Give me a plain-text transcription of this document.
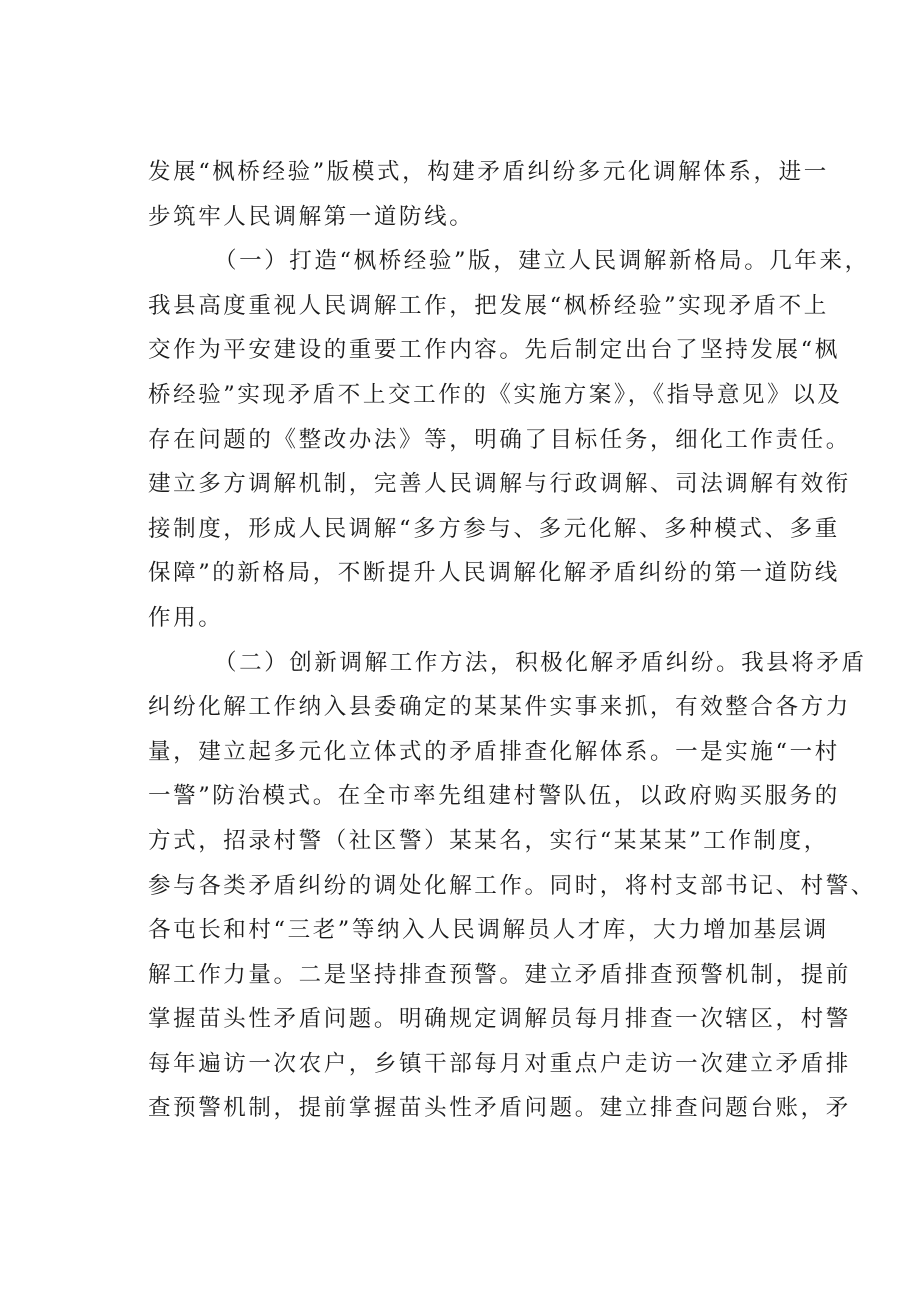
发展“枫桥经验”版模式，构建矛盾纠纷多元化调解体系，进一
步筑牢人民调解第一道防线。
（一）打造“枫桥经验”版，建立人民调解新格局。几年来，
我县高度重视人民调解工作，把发展“枫桥经验”实现矛盾不上
交作为平安建设的重要工作内容。先后制定出台了坚持发展“枫
桥经验”实现矛盾不上交工作的《实施方案》，《指导意见》以及
存在问题的《整改办法》等，明确了目标任务，细化工作责任。
建立多方调解机制，完善人民调解与行政调解、司法调解有效衔
接制度，形成人民调解“多方参与、多元化解、多种模式、多重
保障”的新格局，不断提升人民调解化解矛盾纠纷的第一道防线
作用。
（二）创新调解工作方法，积极化解矛盾纠纷。我县将矛盾
纠纷化解工作纳入县委确定的某某件实事来抓，有效整合各方力
量，建立起多元化立体式的矛盾排查化解体系。一是实施“一村
一警”防治模式。在全市率先组建村警队伍，以政府购买服务的
方式，招录村警（社区警）某某名，实行“某某某”工作制度，
参与各类矛盾纠纷的调处化解工作。同时，将村支部书记、村警、
各屯长和村“三老”等纳入人民调解员人才库，大力增加基层调
解工作力量。二是坚持排查预警。建立矛盾排查预警机制，提前
掌握苗头性矛盾问题。明确规定调解员每月排查一次辖区，村警
每年遍访一次农户，乡镇干部每月对重点户走访一次建立矛盾排
查预警机制，提前掌握苗头性矛盾问题。建立排查问题台账，矛
